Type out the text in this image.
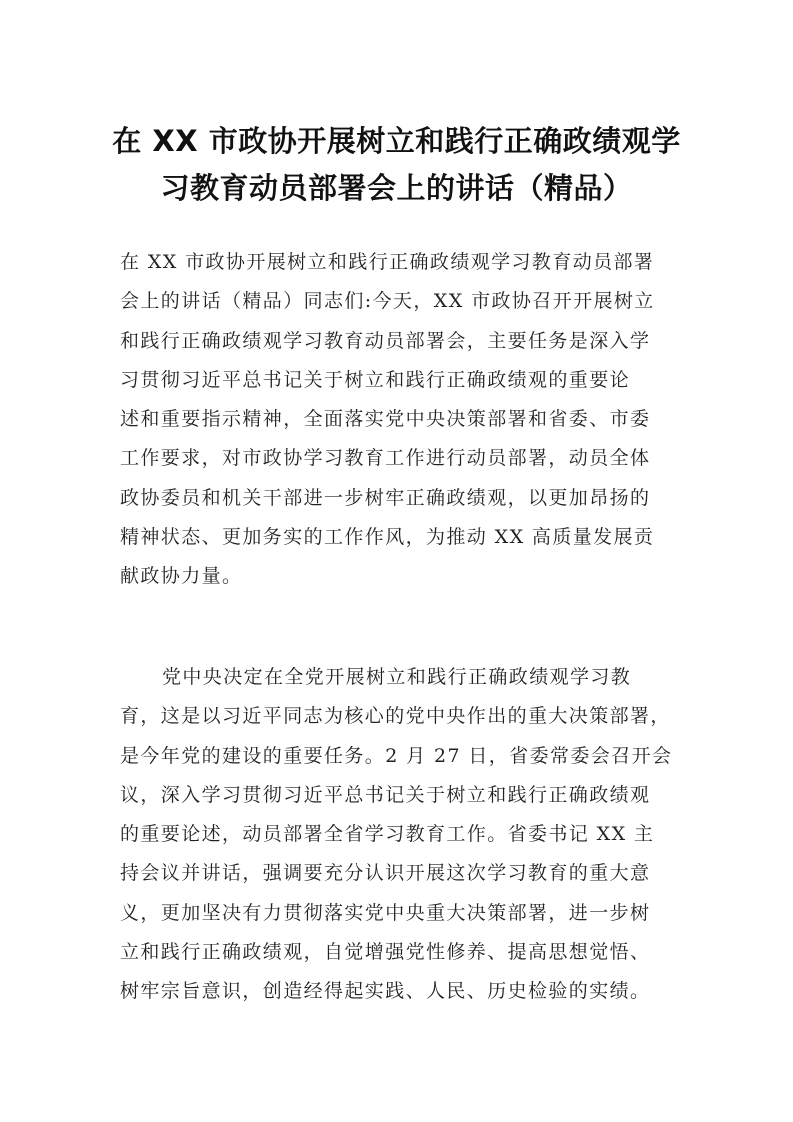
在 XX 市政协开展树立和践行正确政绩观学
习教育动员部署会上的讲话（精品）
在 XX 市政协开展树立和践行正确政绩观学习教育动员部署
会上的讲话（精品）同志们:今天，XX 市政协召开开展树立
和践行正确政绩观学习教育动员部署会，主要任务是深入学
习贯彻习近平总书记关于树立和践行正确政绩观的重要论
述和重要指示精神，全面落实党中央决策部署和省委、市委
工作要求，对市政协学习教育工作进行动员部署，动员全体
政协委员和机关干部进一步树牢正确政绩观，以更加昂扬的
精神状态、更加务实的工作作风，为推动 XX 高质量发展贡
献政协力量。
党中央决定在全党开展树立和践行正确政绩观学习教
育，这是以习近平同志为核心的党中央作出的重大决策部署，
是今年党的建设的重要任务。2 月 27 日，省委常委会召开会
议，深入学习贯彻习近平总书记关于树立和践行正确政绩观
的重要论述，动员部署全省学习教育工作。省委书记 XX 主
持会议并讲话，强调要充分认识开展这次学习教育的重大意
义，更加坚决有力贯彻落实党中央重大决策部署，进一步树
立和践行正确政绩观，自觉增强党性修养、提高思想觉悟、
树牢宗旨意识，创造经得起实践、人民、历史检验的实绩。
